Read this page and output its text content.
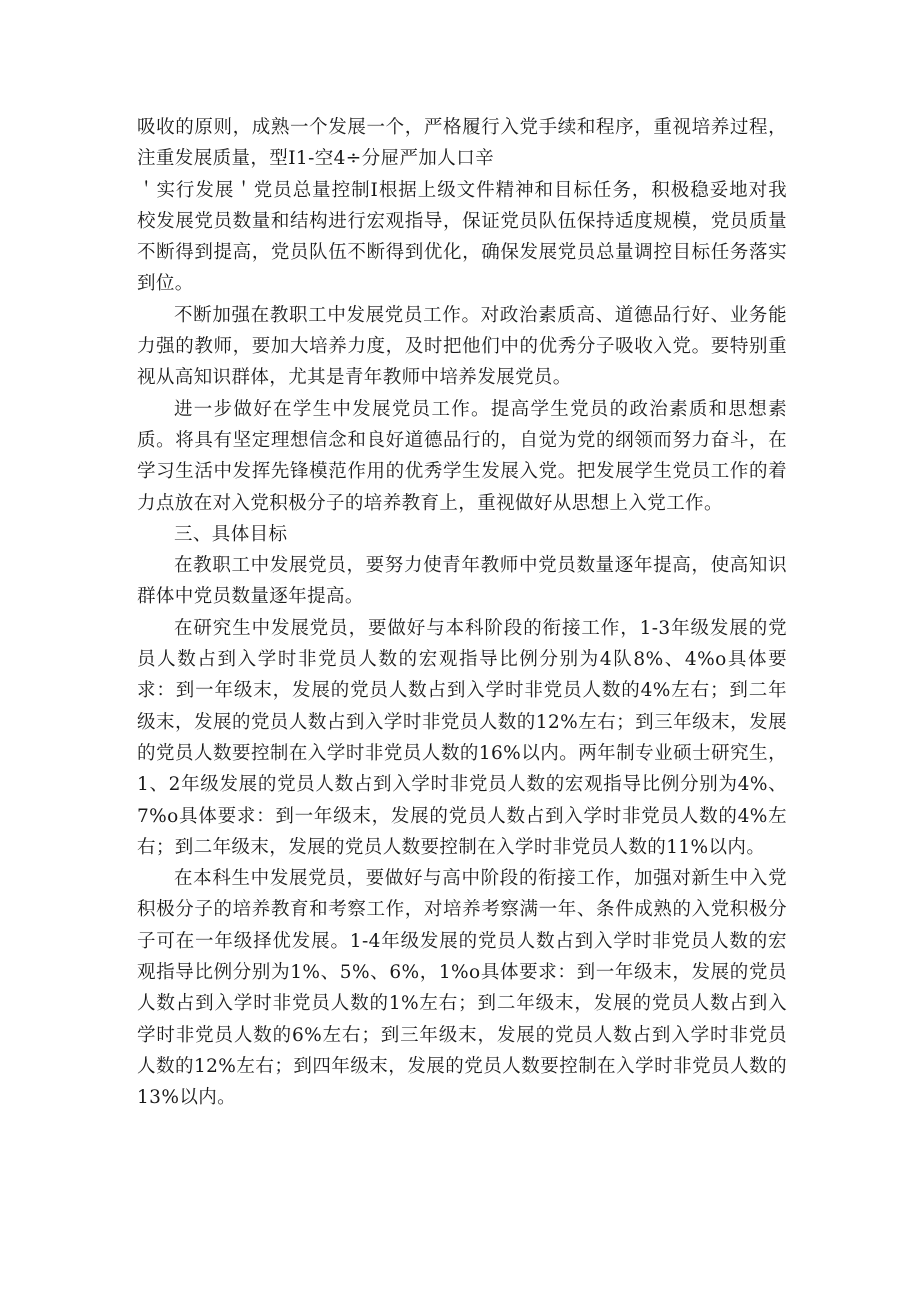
吸收的原则，成熟一个发展一个，严格履行入党手续和程序，重视培养过程，注重发展质量，型I1-空4÷分屉严加人口辛

＇实行发展＇党员总量控制I根据上级文件精神和目标任务，积极稳妥地对我校发展党员数量和结构进行宏观指导，保证党员队伍保持适度规模，党员质量不断得到提高，党员队伍不断得到优化，确保发展党员总量调控目标任务落实到位。

不断加强在教职工中发展党员工作。对政治素质高、道德品行好、业务能力强的教师，要加大培养力度，及时把他们中的优秀分子吸收入党。要特别重视从高知识群体，尤其是青年教师中培养发展党员。

进一步做好在学生中发展党员工作。提高学生党员的政治素质和思想素质。将具有坚定理想信念和良好道德品行的，自觉为党的纲领而努力奋斗，在学习生活中发挥先锋模范作用的优秀学生发展入党。把发展学生党员工作的着力点放在对入党积极分子的培养教育上，重视做好从思想上入党工作。

三、具体目标

在教职工中发展党员，要努力使青年教师中党员数量逐年提高，使高知识群体中党员数量逐年提高。

在研究生中发展党员，要做好与本科阶段的衔接工作，1-3年级发展的党员人数占到入学时非党员人数的宏观指导比例分别为4队8%、4%o具体要求：到一年级末，发展的党员人数占到入学时非党员人数的4%左右；到二年级末，发展的党员人数占到入学时非党员人数的12%左右；到三年级末，发展的党员人数要控制在入学时非党员人数的16%以内。两年制专业硕士研究生，1、2年级发展的党员人数占到入学时非党员人数的宏观指导比例分别为4%、7%o具体要求：到一年级末，发展的党员人数占到入学时非党员人数的4%左右；到二年级末，发展的党员人数要控制在入学时非党员人数的11%以内。

在本科生中发展党员，要做好与高中阶段的衔接工作，加强对新生中入党积极分子的培养教育和考察工作，对培养考察满一年、条件成熟的入党积极分子可在一年级择优发展。1-4年级发展的党员人数占到入学时非党员人数的宏观指导比例分别为1%、5%、6%，1%o具体要求：到一年级末，发展的党员人数占到入学时非党员人数的1%左右；到二年级末，发展的党员人数占到入学时非党员人数的6%左右；到三年级末，发展的党员人数占到入学时非党员人数的12%左右；到四年级末，发展的党员人数要控制在入学时非党员人数的13%以内。
